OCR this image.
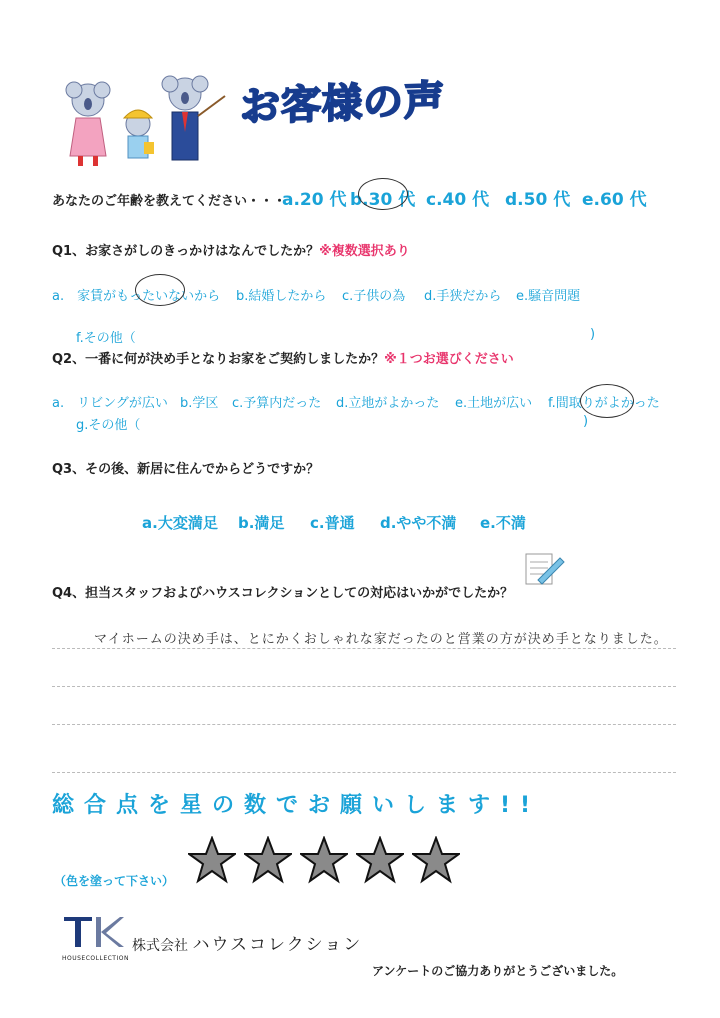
お客様の声
あなたのご年齢を教えてください・・・
a.20 代 b.30 代 c.40 代 d.50 代 e.60 代
Q1、お家さがしのきっかけはなんでしたか？※複数選択あり
a.　家賃がもったいないから b.結婚したから c.子供の為 d.手狭だから e.騒音問題
f.その他（	)
Q2、一番に何が決め手となりお家をご契約しましたか？※１つお選びください
a.　リビングが広い b.学区 c.予算内だった d.立地がよかった e.土地が広い f.間取りがよかった
g.その他（	)
Q3、その後、新居に住んでからどうですか？
a.大変満足 b.満足 c.普通 d.やや不満 e.不満
Q4、担当スタッフおよびハウスコレクションとしての対応はいかがでしたか？
マイホームの決め手は、とにかくおしゃれな家だったのと営業の方が決め手となりました。
総合点を星の数でお願いします!!
（色を塗って下さい）
HOUSECOLLECTION
株式会社 ハウスコレクション
アンケートのご協力ありがとうございました。
